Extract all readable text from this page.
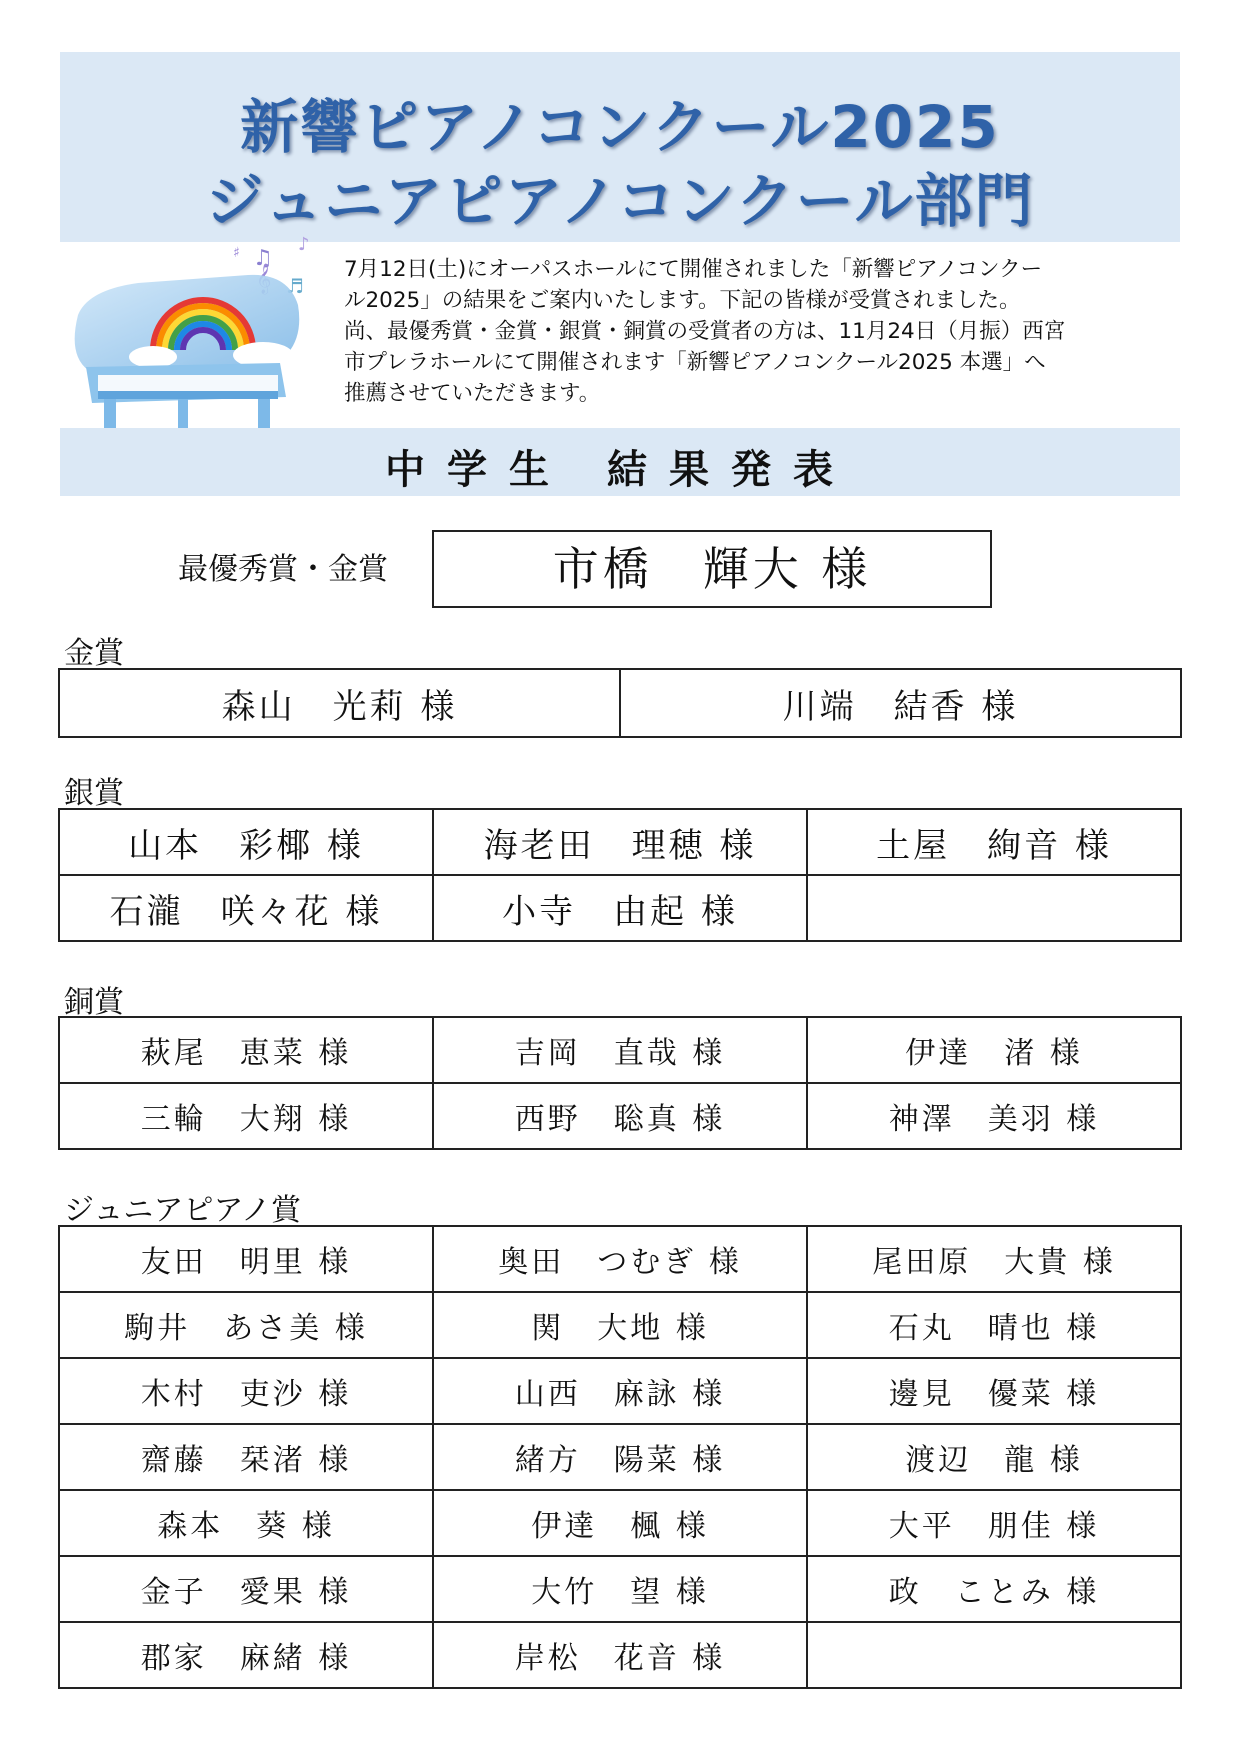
新響ピアノコンクール2025
ジュニアピアノコンクール部門
♫
♪
♬
♯
7月12日(土)にオーパスホールにて開催されました「新響ピアノコンクー
ル2025」の結果をご案内いたします。下記の皆様が受賞されました。
尚、最優秀賞・金賞・銀賞・銅賞の受賞者の方は、11月24日（月振）西宮
市プレラホールにて開催されます「新響ピアノコンクール2025 本選」へ
推薦させていただきます。
中学生 結果発表
最優秀賞・金賞	市橋　輝大 様
金賞
森山　光莉 様	川端　結香 様
銀賞
山本　彩椰 様	海老田　理穂 様	土屋　絢音 様
石瀧　咲々花 様	小寺　由起 様	
銅賞
萩尾　恵菜 様	吉岡　直哉 様	伊達　渚 様
三輪　大翔 様	西野　聡真 様	神澤　美羽 様
ジュニアピアノ賞
友田　明里 様	奥田　つむぎ 様	尾田原　大貴 様
駒井　あさ美 様	関　大地 様	石丸　晴也 様
木村　吏沙 様	山西　麻詠 様	邊見　優菜 様
齋藤　栞渚 様	緒方　陽菜 様	渡辺　龍 様
森本　葵 様	伊達　楓 様	大平　朋佳 様
金子　愛果 様	大竹　望 様	政　ことみ 様
郡家　麻緒 様	岸松　花音 様	
